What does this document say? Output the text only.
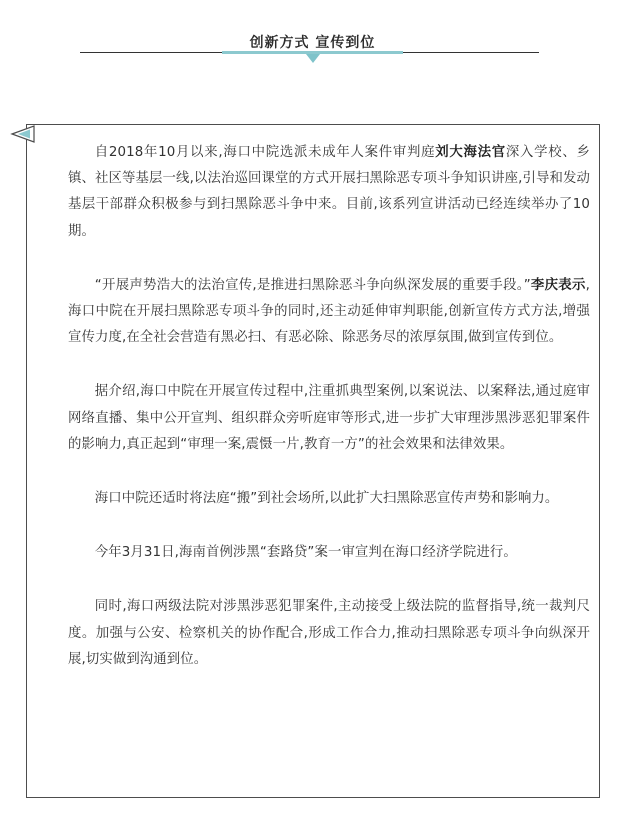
创新方式 宣传到位

自2018年10月以来,海口中院选派未成年人案件审判庭刘大海法官深入学校、乡镇、社区等基层一线,以法治巡回课堂的方式开展扫黑除恶专项斗争知识讲座,引导和发动基层干部群众积极参与到扫黑除恶斗争中来。目前,该系列宣讲活动已经连续举办了10期。

“开展声势浩大的法治宣传,是推进扫黑除恶斗争向纵深发展的重要手段。”李庆表示,海口中院在开展扫黑除恶专项斗争的同时,还主动延伸审判职能,创新宣传方式方法,增强宣传力度,在全社会营造有黑必扫、有恶必除、除恶务尽的浓厚氛围,做到宣传到位。

据介绍,海口中院在开展宣传过程中,注重抓典型案例,以案说法、以案释法,通过庭审网络直播、集中公开宣判、组织群众旁听庭审等形式,进一步扩大审理涉黑涉恶犯罪案件的影响力,真正起到“审理一案,震慑一片,教育一方”的社会效果和法律效果。

海口中院还适时将法庭“搬”到社会场所,以此扩大扫黑除恶宣传声势和影响力。

今年3月31日,海南首例涉黑“套路贷”案一审宣判在海口经济学院进行。

同时,海口两级法院对涉黑涉恶犯罪案件,主动接受上级法院的监督指导,统一裁判尺度。加强与公安、检察机关的协作配合,形成工作合力,推动扫黑除恶专项斗争向纵深开展,切实做到沟通到位。
